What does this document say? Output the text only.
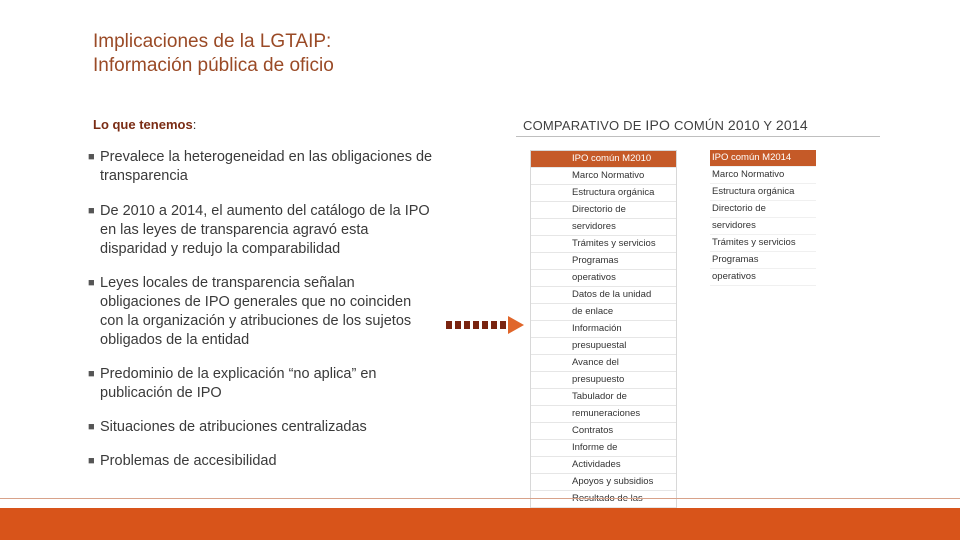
Implicaciones de la LGTAIP:
Información pública de oficio
Lo que tenemos:
■ Prevalece la heterogeneidad en las obligaciones de transparencia
■ De 2010 a 2014, el aumento del catálogo de la IPO en las leyes de transparencia agravó esta disparidad y redujo la comparabilidad
■ Leyes locales de transparencia señalan obligaciones de IPO generales que no coinciden con la organización y atribuciones de los sujetos obligados de la entidad
■ Predominio de la explicación “no aplica” en publicación de IPO
■ Situaciones de atribuciones centralizadas
■ Problemas de accesibilidad
COMPARATIVO DE IPO COMÚN 2010 Y 2014
IPO común M2010
Marco Normativo
Estructura orgánica
Directorio de
servidores
Trámites y servicios
Programas
operativos
Datos de la unidad
de enlace
Información
presupuestal
Avance del
presupuesto
Tabulador de
remuneraciones
Contratos
Informe de
Actividades
Apoyos y subsidios
IPO común M2014
Marco Normativo
Estructura orgánica
Directorio de
servidores
Trámites y servicios
Programas
operativos
